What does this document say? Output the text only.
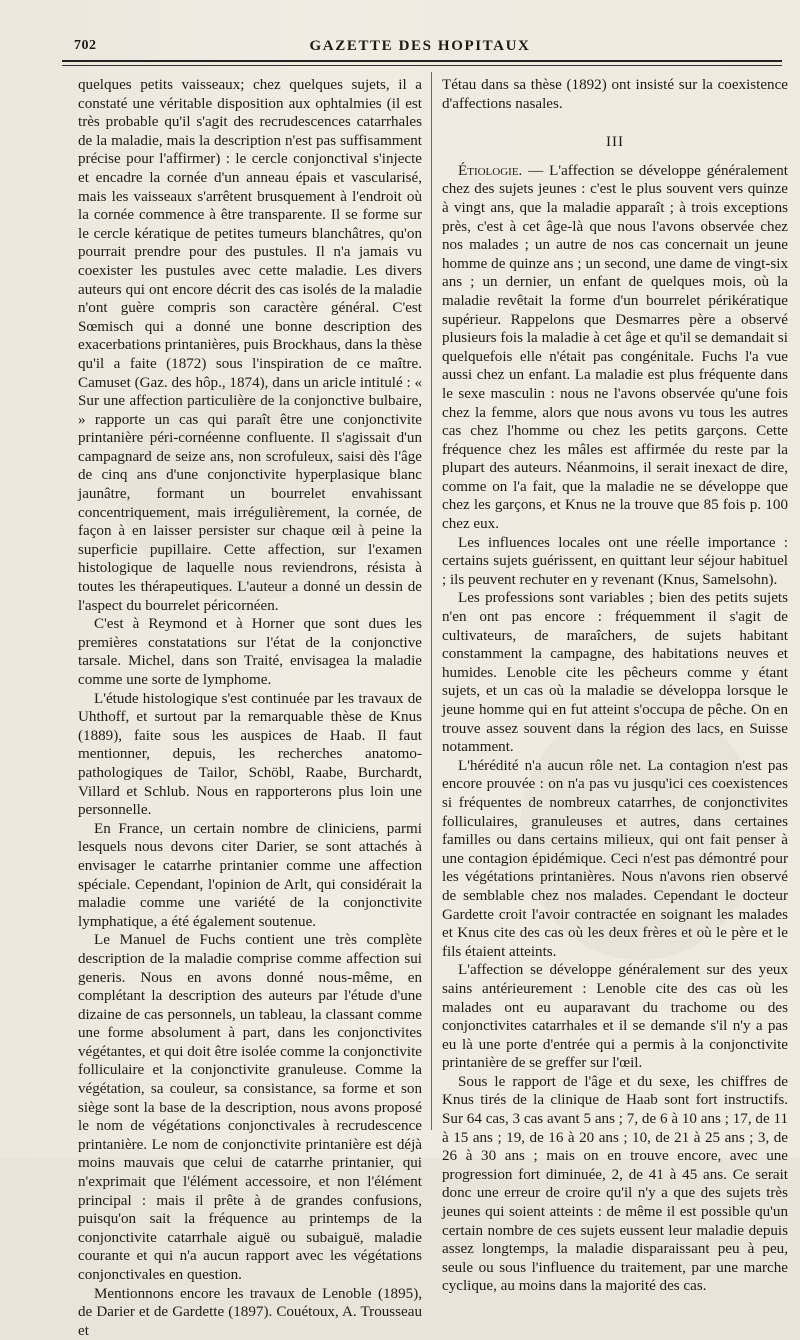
702	GAZETTE DES HOPITAUX

quelques petits vaisseaux; chez quelques sujets, il a constaté une véritable disposition aux ophtalmies (il est très probable qu'il s'agit des recrudescences catarrhales de la maladie, mais la description n'est pas suffisamment précise pour l'affirmer) : le cercle conjonctival s'injecte et encadre la cornée d'un anneau épais et vascularisé, mais les vaisseaux s'arrêtent brusquement à l'endroit où la cornée commence à être transparente. Il se forme sur le cercle kératique de petites tumeurs blanchâtres, qu'on pourrait prendre pour des pustules. Il n'a jamais vu coexister les pustules avec cette maladie. Les divers auteurs qui ont encore décrit des cas isolés de la maladie n'ont guère compris son caractère général. C'est Sœmisch qui a donné une bonne description des exacerbations printanières, puis Brockhaus, dans la thèse qu'il a faite (1872) sous l'inspiration de ce maître. Camuset (Gaz. des hôp., 1874), dans un aricle intitulé : « Sur une affection particulière de la conjonctive bulbaire, » rapporte un cas qui paraît être une conjonctivite printanière péri-cornéenne confluente. Il s'agissait d'un campagnard de seize ans, non scrofuleux, saisi dès l'âge de cinq ans d'une conjonctivite hyperplasique blanc jaunâtre, formant un bourrelet envahissant concentriquement, mais irrégulièrement, la cornée, de façon à en laisser persister sur chaque œil à peine la superficie pupillaire. Cette affection, sur l'examen histologique de laquelle nous reviendrons, résista à toutes les thérapeutiques. L'auteur a donné un dessin de l'aspect du bourrelet péricornéen.

C'est à Reymond et à Horner que sont dues les premières constatations sur l'état de la conjonctive tarsale. Michel, dans son Traité, envisagea la maladie comme une sorte de lymphome.

L'étude histologique s'est continuée par les travaux de Uhthoff, et surtout par la remarquable thèse de Knus (1889), faite sous les auspices de Haab. Il faut mentionner, depuis, les recherches anatomo-pathologiques de Tailor, Schöbl, Raabe, Burchardt, Villard et Schlub. Nous en rapporterons plus loin une personnelle.

En France, un certain nombre de cliniciens, parmi lesquels nous devons citer Darier, se sont attachés à envisager le catarrhe printanier comme une affection spéciale. Cependant, l'opinion de Arlt, qui considérait la maladie comme une variété de la conjonctivite lymphatique, a été également soutenue.

Le Manuel de Fuchs contient une très complète description de la maladie comprise comme affection sui generis. Nous en avons donné nous-même, en complétant la description des auteurs par l'étude d'une dizaine de cas personnels, un tableau, la classant comme une forme absolument à part, dans les conjonctivites végétantes, et qui doit être isolée comme la conjonctivite folliculaire et la conjonctivite granuleuse. Comme la végétation, sa couleur, sa consistance, sa forme et son siège sont la base de la description, nous avons proposé le nom de végétations conjonctivales à recrudescence printanière. Le nom de conjonctivite printanière est déjà moins mauvais que celui de catarrhe printanier, qui n'exprimait que l'élément accessoire, et non l'élément principal : mais il prête à de grandes confusions, puisqu'on sait la fréquence au printemps de la conjonctivite catarrhale aiguë ou subaiguë, maladie courante et qui n'a aucun rapport avec les végétations conjonctivales en question.

Mentionnons encore les travaux de Lenoble (1895), de Darier et de Gardette (1897). Couétoux, A. Trousseau et

Tétau dans sa thèse (1892) ont insisté sur la coexistence d'affections nasales.

III

Étiologie. — L'affection se développe généralement chez des sujets jeunes : c'est le plus souvent vers quinze à vingt ans, que la maladie apparaît ; à trois exceptions près, c'est à cet âge-là que nous l'avons observée chez nos malades ; un autre de nos cas concernait un jeune homme de quinze ans ; un second, une dame de vingt-six ans ; un dernier, un enfant de quelques mois, où la maladie revêtait la forme d'un bourrelet périkératique supérieur. Rappelons que Desmarres père a observé plusieurs fois la maladie à cet âge et qu'il se demandait si quelquefois elle n'était pas congénitale. Fuchs l'a vue aussi chez un enfant. La maladie est plus fréquente dans le sexe masculin : nous ne l'avons observée qu'une fois chez la femme, alors que nous avons vu tous les autres cas chez l'homme ou chez les petits garçons. Cette fréquence chez les mâles est affirmée du reste par la plupart des auteurs. Néanmoins, il serait inexact de dire, comme on l'a fait, que la maladie ne se développe que chez les garçons, et Knus ne la trouve que 85 fois p. 100 chez eux.

Les influences locales ont une réelle importance : certains sujets guérissent, en quittant leur séjour habituel ; ils peuvent rechuter en y revenant (Knus, Samelsohn).

Les professions sont variables ; bien des petits sujets n'en ont pas encore : fréquemment il s'agit de cultivateurs, de maraîchers, de sujets habitant constamment la campagne, des habitations neuves et humides. Lenoble cite les pêcheurs comme y étant sujets, et un cas où la maladie se développa lorsque le jeune homme qui en fut atteint s'occupa de pêche. On en trouve assez souvent dans la région des lacs, en Suisse notamment.

L'hérédité n'a aucun rôle net. La contagion n'est pas encore prouvée : on n'a pas vu jusqu'ici ces coexistences si fréquentes de nombreux catarrhes, de conjonctivites folliculaires, granuleuses et autres, dans certaines familles ou dans certains milieux, qui ont fait penser à une contagion épidémique. Ceci n'est pas démontré pour les végétations printanières. Nous n'avons rien observé de semblable chez nos malades. Cependant le docteur Gardette croit l'avoir contractée en soignant les malades et Knus cite des cas où les deux frères et où le père et le fils étaient atteints.

L'affection se développe généralement sur des yeux sains antérieurement : Lenoble cite des cas où les malades ont eu auparavant du trachome ou des conjonctivites catarrhales et il se demande s'il n'y a pas eu là une porte d'entrée qui a permis à la conjonctivite printanière de se greffer sur l'œil.

Sous le rapport de l'âge et du sexe, les chiffres de Knus tirés de la clinique de Haab sont fort instructifs. Sur 64 cas, 3 cas avant 5 ans ; 7, de 6 à 10 ans ; 17, de 11 à 15 ans ; 19, de 16 à 20 ans ; 10, de 21 à 25 ans ; 3, de 26 à 30 ans ; mais on en trouve encore, avec une progression fort diminuée, 2, de 41 à 45 ans. Ce serait donc une erreur de croire qu'il n'y a que des sujets très jeunes qui soient atteints : de même il est possible qu'un certain nombre de ces sujets eussent leur maladie depuis assez longtemps, la maladie disparaissant peu à peu, seule ou sous l'influence du traitement, par une marche cyclique, au moins dans la majorité des cas.
